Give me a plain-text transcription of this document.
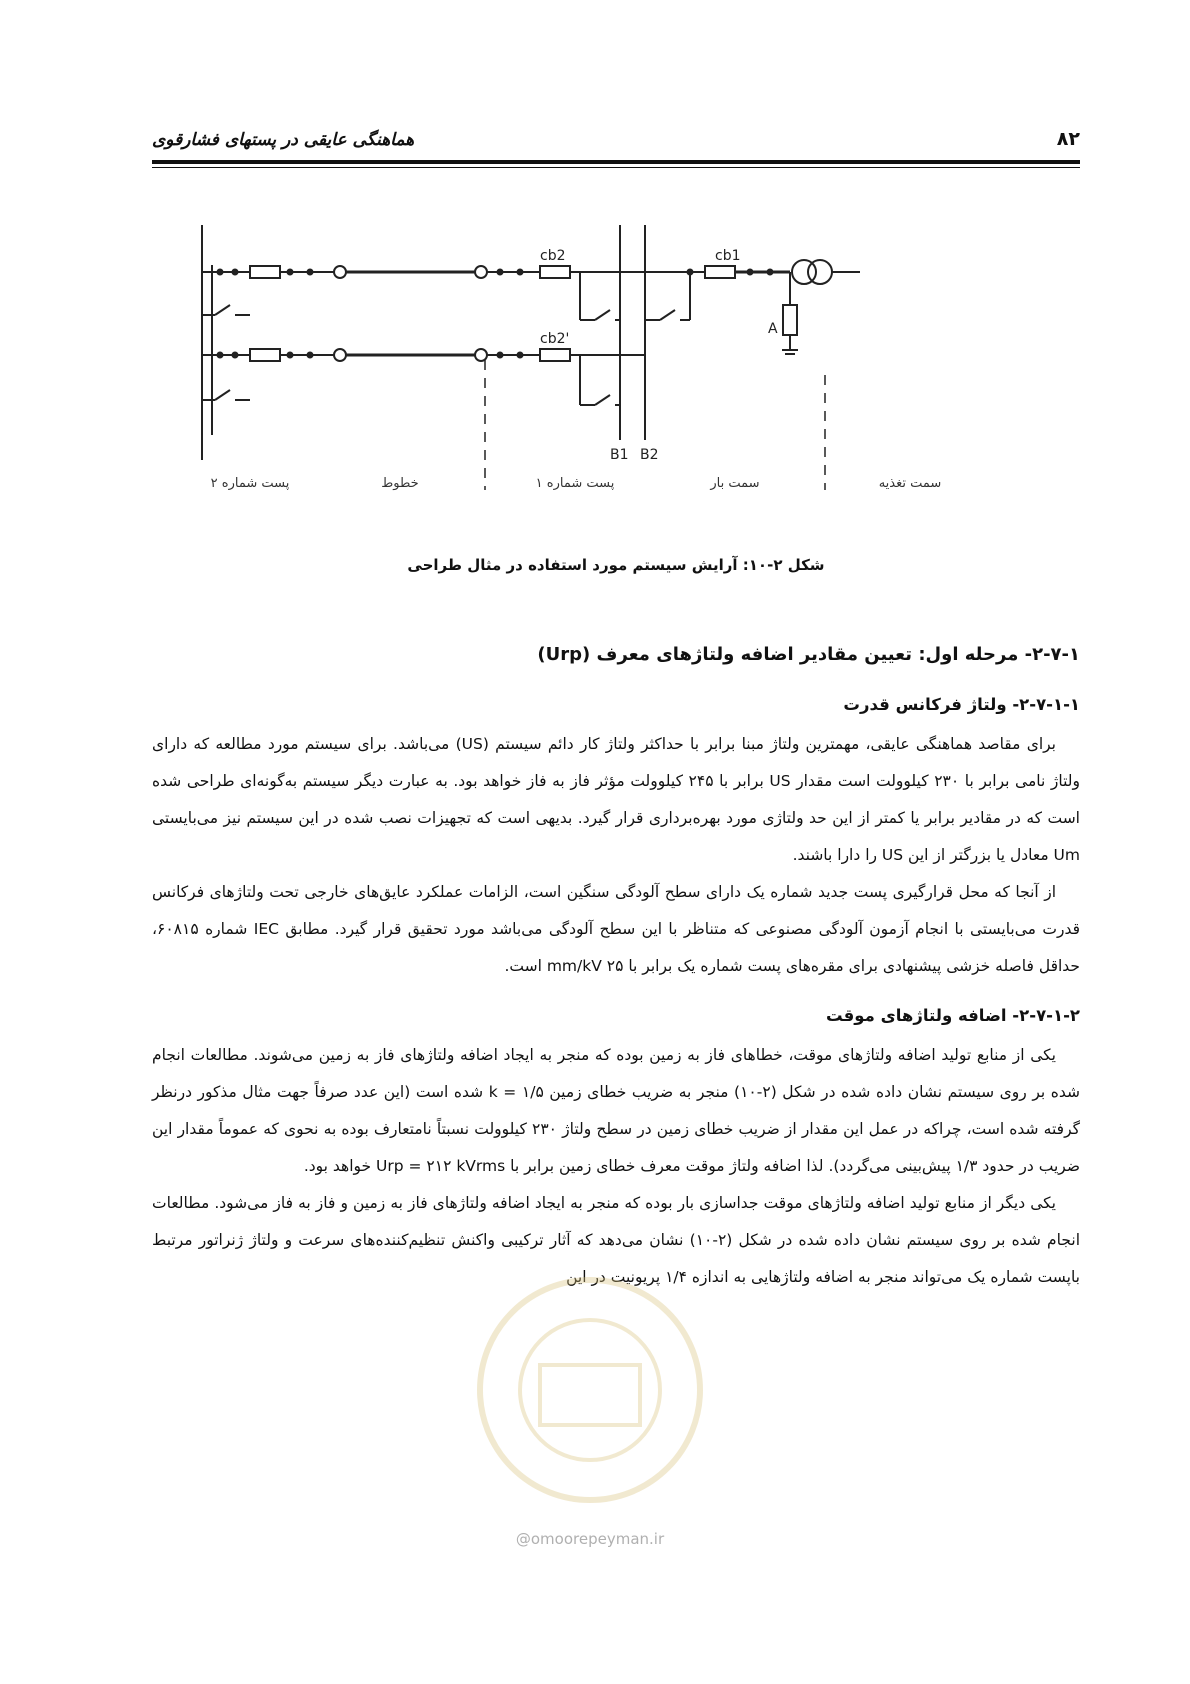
۸۲
هماهنگی عایقی در پستهای فشارقوی
cb1
cb2
cb2'
A
B1 B2
پست شماره ۲	خطوط	پست شماره ۱	سمت بار	سمت تغذیه
شکل ۲-۱۰: آرایش سیستم مورد استفاده در مثال طراحی
۲-۷-۱- مرحله اول: تعیین مقادیر اضافه ولتاژهای معرف (Urp)
۲-۷-۱-۱- ولتاژ فرکانس قدرت

برای مقاصد هماهنگی عایقی، مهمترین ولتاژ مبنا برابر با حداکثر ولتاژ کار دائم سیستم (US) می‌باشد. برای سیستم مورد مطالعه که دارای ولتاژ نامی برابر با ۲۳۰ کیلوولت است مقدار US برابر با ۲۴۵ کیلوولت مؤثر فاز به فاز خواهد بود. به عبارت دیگر سیستم به‌گونه‌ای طراحی شده است که در مقادیر برابر یا کمتر از این حد ولتاژی مورد بهره‌برداری قرار گیرد. بدیهی است که تجهیزات نصب شده در این سیستم نیز می‌بایستی Um معادل یا بزرگتر از این US را دارا باشند.

از آنجا که محل قرارگیری پست جدید شماره یک دارای سطح آلودگی سنگین است، الزامات عملکرد عایق‌های خارجی تحت ولتاژهای فرکانس قدرت می‌بایستی با انجام آزمون آلودگی مصنوعی که متناظر با این سطح آلودگی می‌باشد مورد تحقیق قرار گیرد. مطابق IEC شماره ۶۰۸۱۵، حداقل فاصله خزشی پیشنهادی برای مقره‌های پست شماره یک برابر با ۲۵ mm/kV است.

۲-۷-۱-۲- اضافه ولتاژهای موقت

یکی از منابع تولید اضافه ولتاژهای موقت، خطاهای فاز به زمین بوده که منجر به ایجاد اضافه ولتاژهای فاز به زمین می‌شوند. مطالعات انجام شده بر روی سیستم نشان داده شده در شکل (۲-۱۰) منجر به ضریب خطای زمین ۱/۵ = k شده است (این عدد صرفاً جهت مثال مذکور درنظر گرفته شده است، چراکه در عمل این مقدار از ضریب خطای زمین در سطح ولتاژ ۲۳۰ کیلوولت نسبتاً نامتعارف بوده به نحوی که عموماً مقدار این ضریب در حدود ۱/۳ پیش‌بینی می‌گردد). لذا اضافه ولتاژ موقت معرف خطای زمین برابر با Urp = ۲۱۲ kVrms خواهد بود.

یکی دیگر از منابع تولید اضافه ولتاژهای موقت جداسازی بار بوده که منجر به ایجاد اضافه ولتاژهای فاز به زمین و فاز به فاز می‌شود. مطالعات انجام شده بر روی سیستم نشان داده شده در شکل (۲-۱۰) نشان می‌دهد که آثار ترکیبی واکنش تنظیم‌کننده‌های سرعت و ولتاژ ژنراتور مرتبط باپست شماره یک می‌تواند منجر به اضافه ولتاژهایی به اندازه ۱/۴ پریونیت در این

@omoorepeyman.ir
